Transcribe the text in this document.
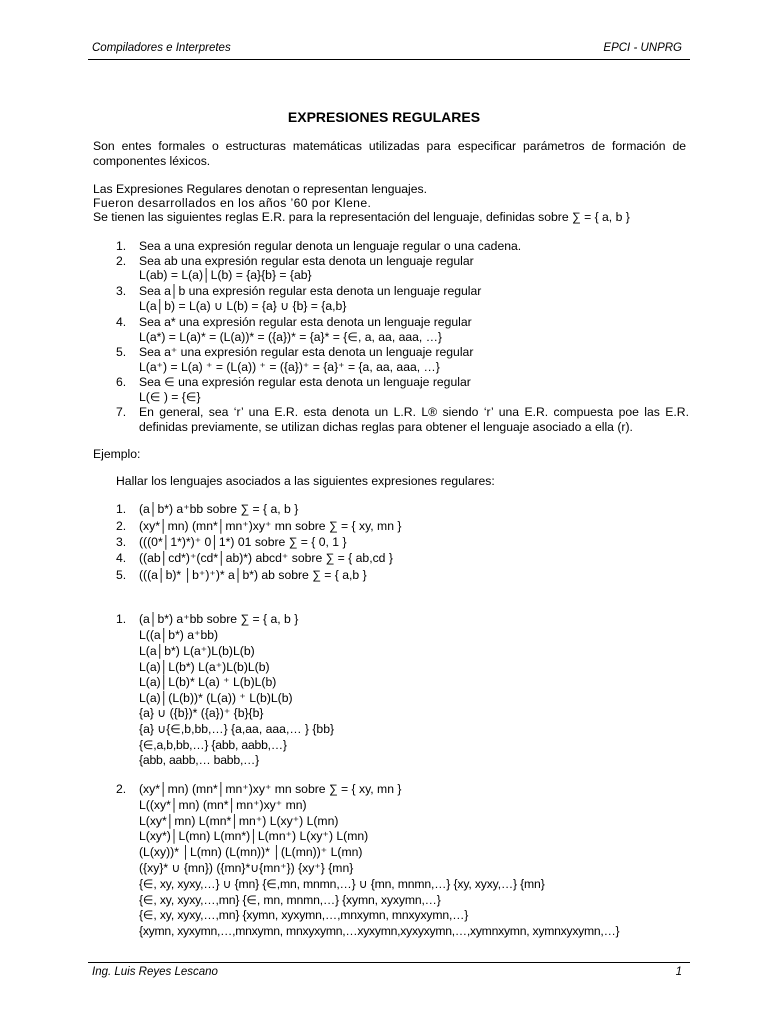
Compiladores e Interpretes	EPCI - UNPRG
EXPRESIONES REGULARES
Son entes formales o estructuras matemáticas utilizadas para especificar parámetros de formación de componentes léxicos.
Las Expresiones Regulares denotan o representan lenguajes.
Fueron desarrollados en los años ’60 por Klene.
Se tienen las siguientes reglas E.R. para la representación del lenguaje, definidas sobre ∑ = { a, b }
1. Sea a una expresión regular denota un lenguaje regular o una cadena.
2. Sea ab una expresión regular esta denota un lenguaje regular
L(ab) = L(a)│L(b) = {a}{b} = {ab}
3. Sea a│b una expresión regular esta denota un lenguaje regular
L(a│b) = L(a) ∪ L(b) = {a} ∪ {b} = {a,b}
4. Sea a* una expresión regular esta denota un lenguaje regular
L(a*) = L(a)* = (L(a))* = ({a})* = {a}* = {∈, a, aa, aaa, …}
5. Sea a⁺ una expresión regular esta denota un lenguaje regular
L(a⁺) = L(a) ⁺ = (L(a)) ⁺ = ({a})⁺ = {a}⁺ = {a, aa, aaa, …}
6. Sea ∈ una expresión regular esta denota un lenguaje regular
L(∈ ) = {∈}
7. En general, sea ‘r’ una E.R. esta denota un L.R. L® siendo ‘r’ una E.R. compuesta poe las E.R. definidas previamente, se utilizan dichas reglas para obtener el lenguaje asociado a ella (r).
Ejemplo:
Hallar los lenguajes asociados a las siguientes expresiones regulares:
1. (a│b*) a⁺bb sobre ∑ = { a, b }
2. (xy*│mn) (mn*│mn⁺)xy⁺ mn sobre ∑ = { xy, mn }
3. (((0*│1*)*)⁺ 0│1*) 01 sobre ∑ = { 0, 1 }
4. ((ab│cd*)⁺(cd*│ab)*) abcd⁺ sobre ∑ = { ab,cd }
5. (((a│b)* │b⁺)⁺)* a│b*) ab sobre ∑ = { a,b }
1. (a│b*) a⁺bb sobre ∑ = { a, b }
L((a│b*) a⁺bb)
L(a│b*) L(a⁺)L(b)L(b)
L(a)│L(b*) L(a⁺)L(b)L(b)
L(a)│L(b)* L(a) ⁺ L(b)L(b)
L(a)│(L(b))* (L(a)) ⁺ L(b)L(b)
{a} ∪ ({b})* ({a})⁺ {b}{b}
{a} ∪{∈,b,bb,…} {a,aa, aaa,… } {bb}
{∈,a,b,bb,…} {abb, aabb,…}
{abb, aabb,… babb,…}
2. (xy*│mn) (mn*│mn⁺)xy⁺ mn sobre ∑ = { xy, mn }
L((xy*│mn) (mn*│mn⁺)xy⁺ mn)
L(xy*│mn) L(mn*│mn⁺) L(xy⁺) L(mn)
L(xy*)│L(mn) L(mn*)│L(mn⁺) L(xy⁺) L(mn)
(L(xy))* │L(mn) (L(mn))* │(L(mn))⁺ L(mn)
({xy}* ∪ {mn}) ({mn}*∪{mn⁺}) {xy⁺} {mn}
{∈, xy, xyxy,…} ∪ {mn} {∈,mn, mnmn,…} ∪ {mn, mnmn,…} {xy, xyxy,…} {mn}
{∈, xy, xyxy,…,mn} {∈, mn, mnmn,…} {xymn, xyxymn,…}
{∈, xy, xyxy,…,mn} {xymn, xyxymn,…,mnxymn, mnxyxymn,…}
{xymn, xyxymn,…,mnxymn, mnxyxymn,…xyxymn,xyxyxymn,…,xymnxymn, xymnxyxymn,…}
Ing. Luis Reyes Lescano	1
